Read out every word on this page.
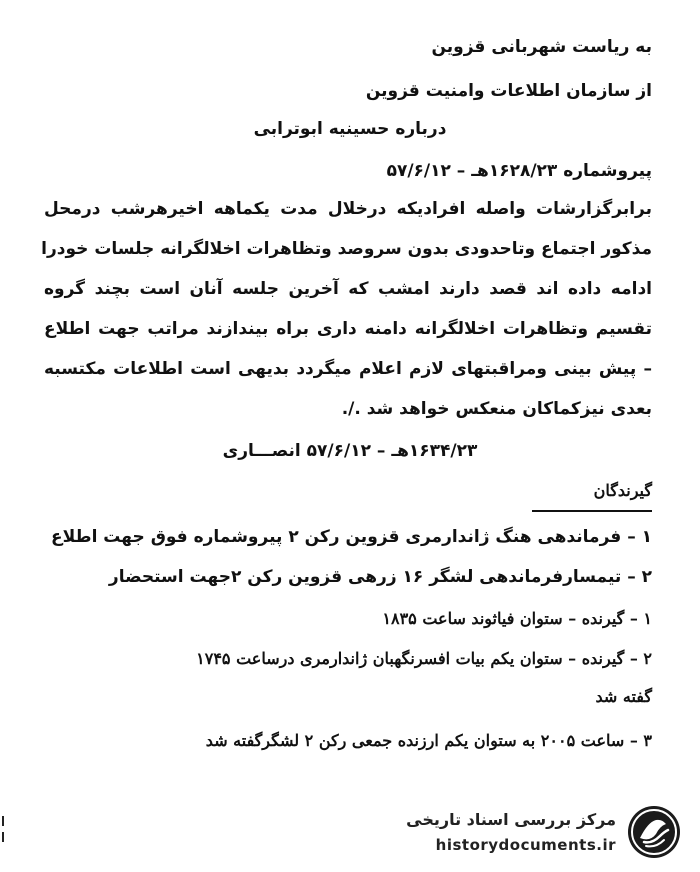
به ریاست شهربانی قزوین
از سازمان اطلاعات وامنیت قزوین
درباره حسینیه ابوترابی
پیروشماره ۱۶۲۸/۲۳هـ – ۵۷/۶/۱۲
برابرگزارشات واصله افرادیکه درخلال مدت یکماهه اخیرهرشب درمحل
مذکور اجتماع وتاحدودی بدون سروصد وتظاهرات اخلالگرانه جلسات خودرا
ادامه داده اند قصد دارند امشب که آخرین جلسه آنان است بچند گروه
تقسیم وتظاهرات اخلالگرانه دامنه داری براه بیندازند مراتب جهت اطلاع
– پیش بینی ومراقبتهای لازم اعلام میگردد بدیهی است اطلاعات مکتسبه
بعدی نیزکماکان منعکس خواهد شد ./.
۱۶۳۴/۲۳هـ – ۵۷/۶/۱۲ انصـــاری
گیرندگان
۱ – فرماندهی هنگ ژاندارمری قزوین رکن ۲ پیروشماره فوق جهت اطلاع
۲ – تیمسارفرماندهی لشگر ۱۶ زرهی قزوین رکن ۲جهت استحضار
۱ – گیرنده – ستوان فیاثوند ساعت ۱۸۳۵
۲ – گیرنده – ستوان یکم بیات افسرنگهبان ژاندارمری درساعت ۱۷۴۵
گفته شد
۳ – ساعت ۲۰۰۵ به ستوان یکم ارزنده جمعی رکن ۲ لشگرگفته شد
مرکز بررسی اسناد تاریخی
historydocuments.ir
